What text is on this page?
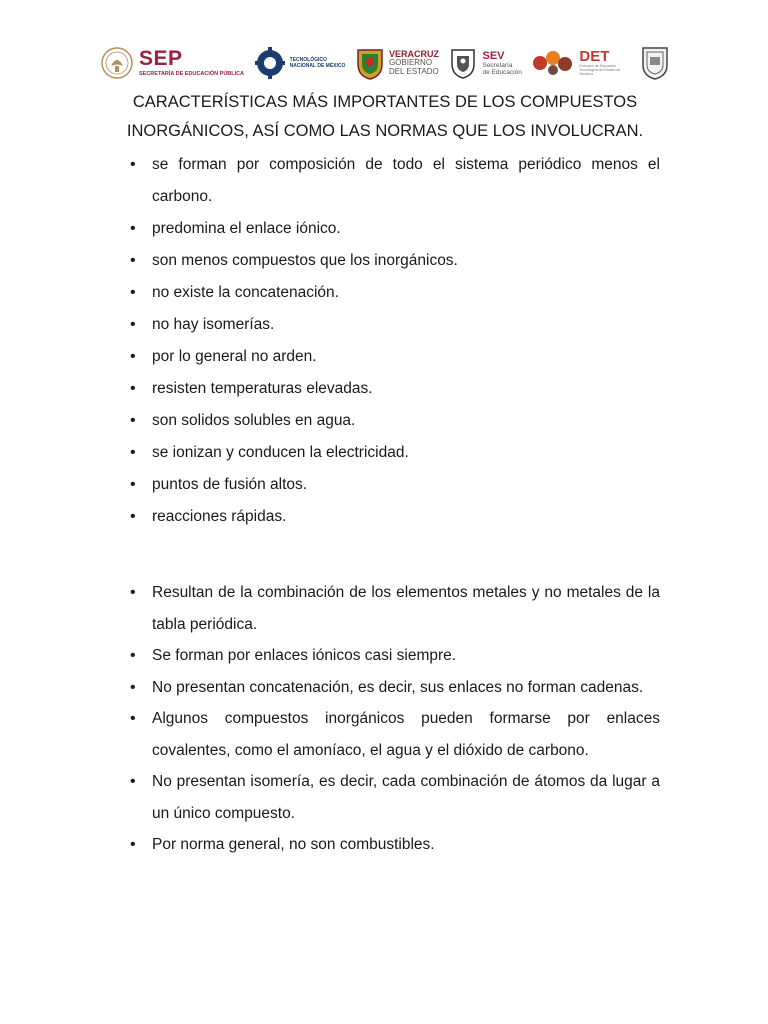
SEP
SECRETARÍA DE EDUCACIÓN PÚBLICA
TECNOLÓGICO
NACIONAL DE MÉXICO
VERACRUZ
GOBIERNO
DEL ESTADO
SEV
Secretaría
de Educación
DET
Dirección de Educación Tecnológica del Estado de Veracruz
CARACTERÍSTICAS MÁS IMPORTANTES DE LOS COMPUESTOS
INORGÁNICOS, ASÍ COMO LAS NORMAS QUE LOS INVOLUCRAN.
• se forman por composición de todo el sistema periódico menos el carbono.
• predomina el enlace iónico.
• son menos compuestos que los inorgánicos.
• no existe la concatenación.
• no hay isomerías.
• por lo general no arden.
• resisten temperaturas elevadas.
• son solidos solubles en agua.
• se ionizan y conducen la electricidad.
• puntos de fusión altos.
• reacciones rápidas.
• Resultan de la combinación de los elementos metales y no metales de la tabla periódica.
• Se forman por enlaces iónicos casi siempre.
• No presentan concatenación, es decir, sus enlaces no forman cadenas.
• Algunos compuestos inorgánicos pueden formarse por enlaces covalentes, como el amoníaco, el agua y el dióxido de carbono.
• No presentan isomería, es decir, cada combinación de átomos da lugar a un único compuesto.
• Por norma general, no son combustibles.
